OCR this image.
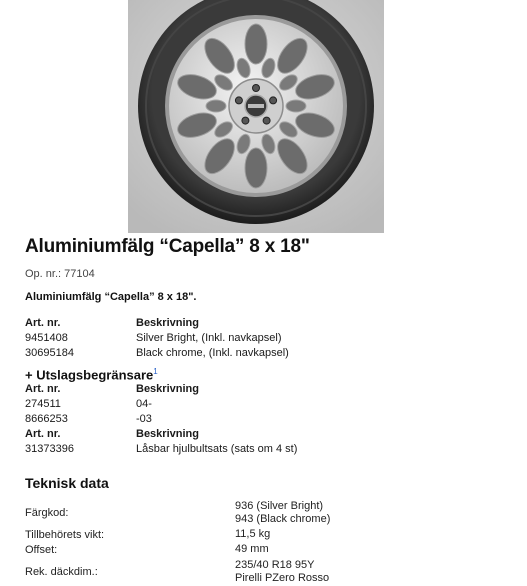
Aluminiumfälg “Capella” 8 x 18"
Op. nr.: 77104
Aluminiumfälg “Capella” 8 x 18".
Art. nr.	Beskrivning
9451408	Silver Bright, (Inkl. navkapsel)
30695184	Black chrome, (Inkl. navkapsel)
+ Utslagsbegränsare$^1$
Art. nr.	Beskrivning
274511	04-
8666253	-03
Art. nr.	Beskrivning
31373396	Låsbar hjulbultsats (sats om 4 st)
Teknisk data
Färgkod:
936 (Silver Bright)
943 (Black chrome)
Tillbehörets vikt:	11,5 kg
Offset:	49 mm
Rek. däckdim.:
235/40 R18 95Y
Pirelli PZero Rosso
